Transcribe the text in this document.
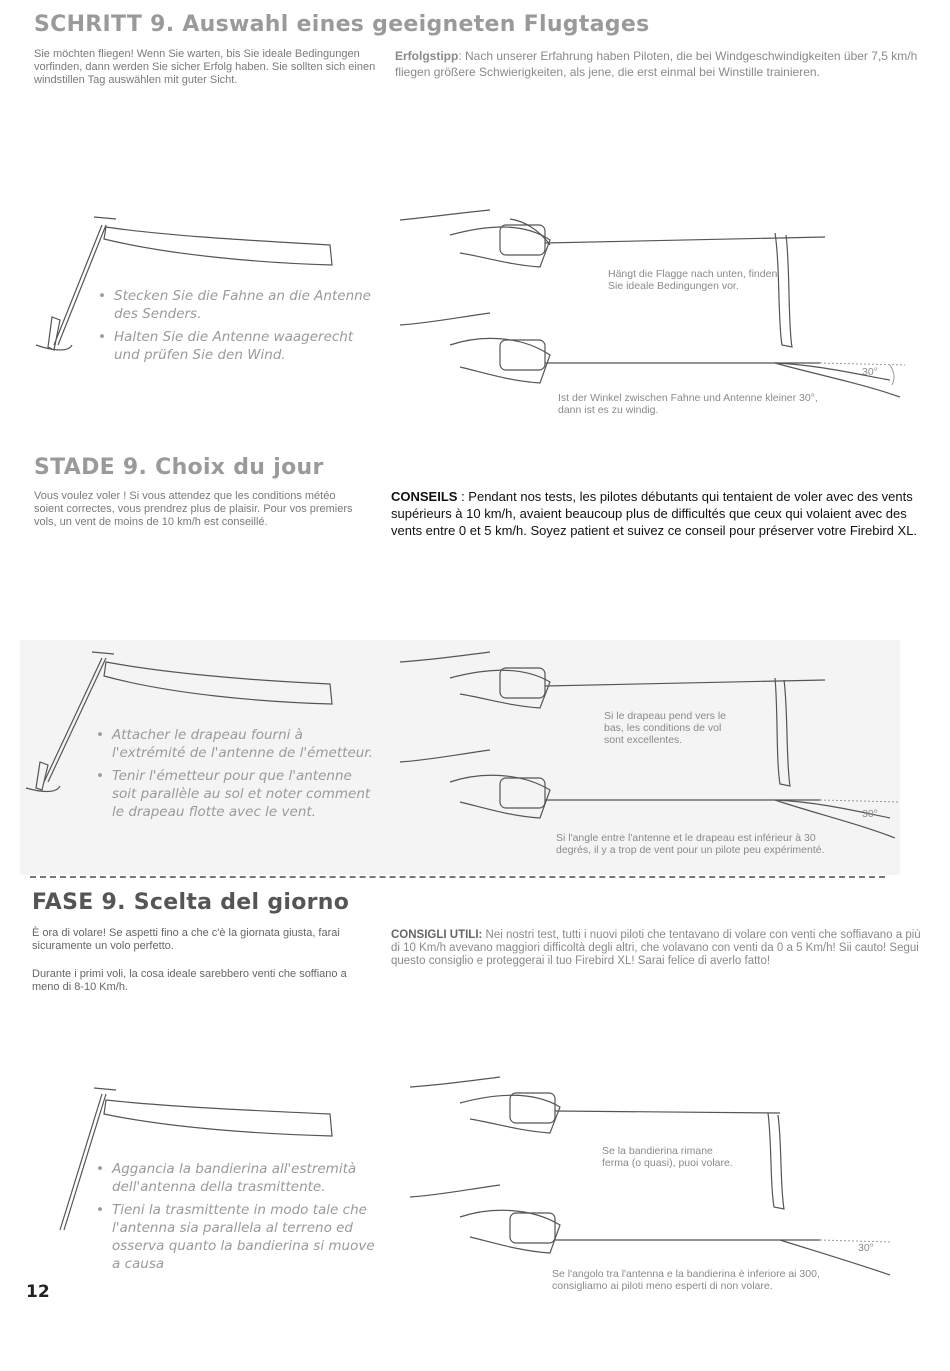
SCHRITT 9. Auswahl eines geeigneten Flugtages
Sie möchten fliegen! Wenn Sie warten, bis Sie ideale Bedingungen vorfinden, dann werden Sie sicher Erfolg haben. Sie sollten sich einen windstillen Tag auswählen mit guter Sicht.
Erfolgstipp: Nach unserer Erfahrung haben Piloten, die bei Windgeschwindigkeiten über 7,5 km/h fliegen größere Schwierigkeiten, als jene, die erst einmal bei Winstille trainieren.
• Stecken Sie die Fahne an die Antenne des Senders.
• Halten Sie die Antenne waagerecht und prüfen Sie den Wind.
Hängt die Flagge nach unten, finden Sie ideale Bedingungen vor.
30°
Ist der Winkel zwischen Fahne und Antenne kleiner 30°, dann ist es zu windig.
STADE 9. Choix du jour
Vous voulez voler ! Si vous attendez que les conditions météo soient correctes, vous prendrez plus de plaisir. Pour vos premiers vols, un vent de moins de 10 km/h est conseillé.
CONSEILS : Pendant nos tests, les pilotes débutants qui tentaient de voler avec des vents supérieurs à 10 km/h, avaient beaucoup plus de difficultés que ceux qui volaient avec des vents entre 0 et 5 km/h. Soyez patient et suivez ce conseil pour préserver votre Firebird XL.
• Attacher le drapeau fourni à l'extrémité de l'antenne de l'émetteur.
• Tenir l'émetteur pour que l'antenne soit parallèle au sol et noter comment le drapeau flotte avec le vent.
Si le drapeau pend vers le bas, les conditions de vol sont excellentes.
30°
Si l'angle entre l'antenne et le drapeau est inférieur à 30 degrés, il y a trop de vent pour un pilote peu expérimenté.
FASE 9. Scelta del giorno
È ora di volare! Se aspetti fino a che c'è la giornata giusta, farai sicuramente un volo perfetto.
Durante i primi voli, la cosa ideale sarebbero venti che soffiano a meno di 8-10 Km/h.
CONSIGLI UTILI: Nei nostri test, tutti i nuovi piloti che tentavano di volare con venti che soffiavano a più di 10 Km/h avevano maggiori difficoltà degli altri, che volavano con venti da 0 a 5 Km/h! Sii cauto! Segui questo consiglio e proteggerai il tuo Firebird XL! Sarai felice di averlo fatto!
• Aggancia la bandierina all'estremità dell'antenna della trasmittente.
• Tieni la trasmittente in modo tale che l'antenna sia parallela al terreno ed osserva quanto la bandierina si muove a causa
Se la bandierina rimane ferma (o quasi), puoi volare.
30°
Se l'angolo tra l'antenna e la bandierina è inferiore ai 300, consigliamo ai piloti meno esperti di non volare.
12
